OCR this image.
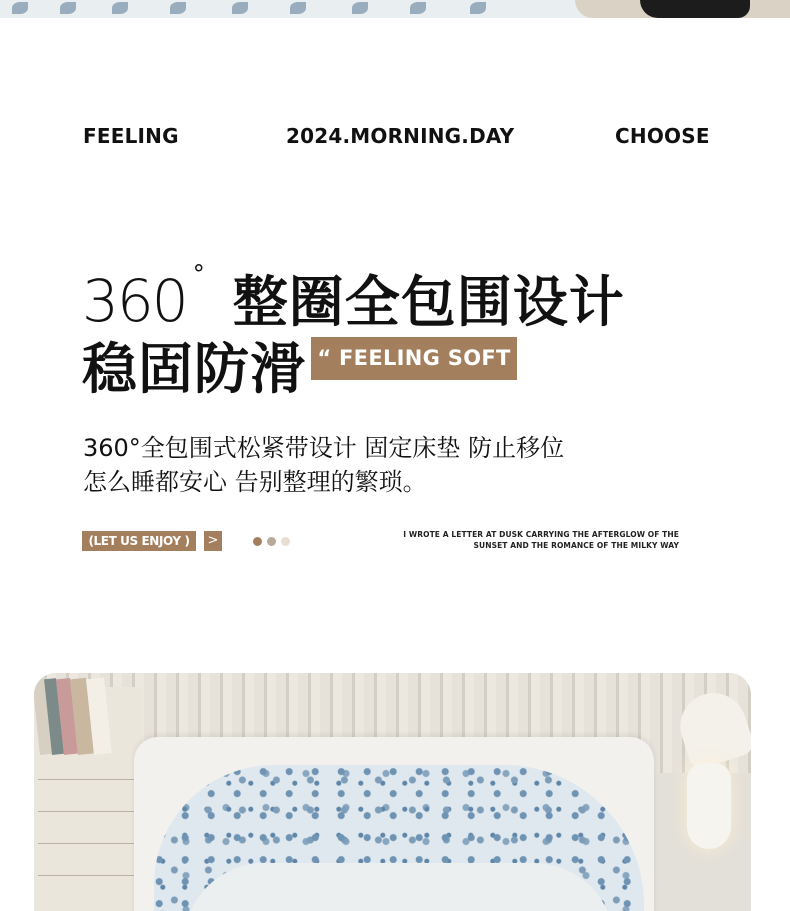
FEELING	2024.MORNING.DAY	CHOOSE
360 ° 整圈全包围设计
稳固防滑 “ FEELING SOFT
360°全包围式松紧带设计 固定床垫 防止移位
怎么睡都安心 告别整理的繁琐。
(LET US ENJOY )	>	I WROTE A LETTER AT DUSK CARRYING THE AFTERGLOW OF THE
SUNSET AND THE ROMANCE OF THE MILKY WAY
